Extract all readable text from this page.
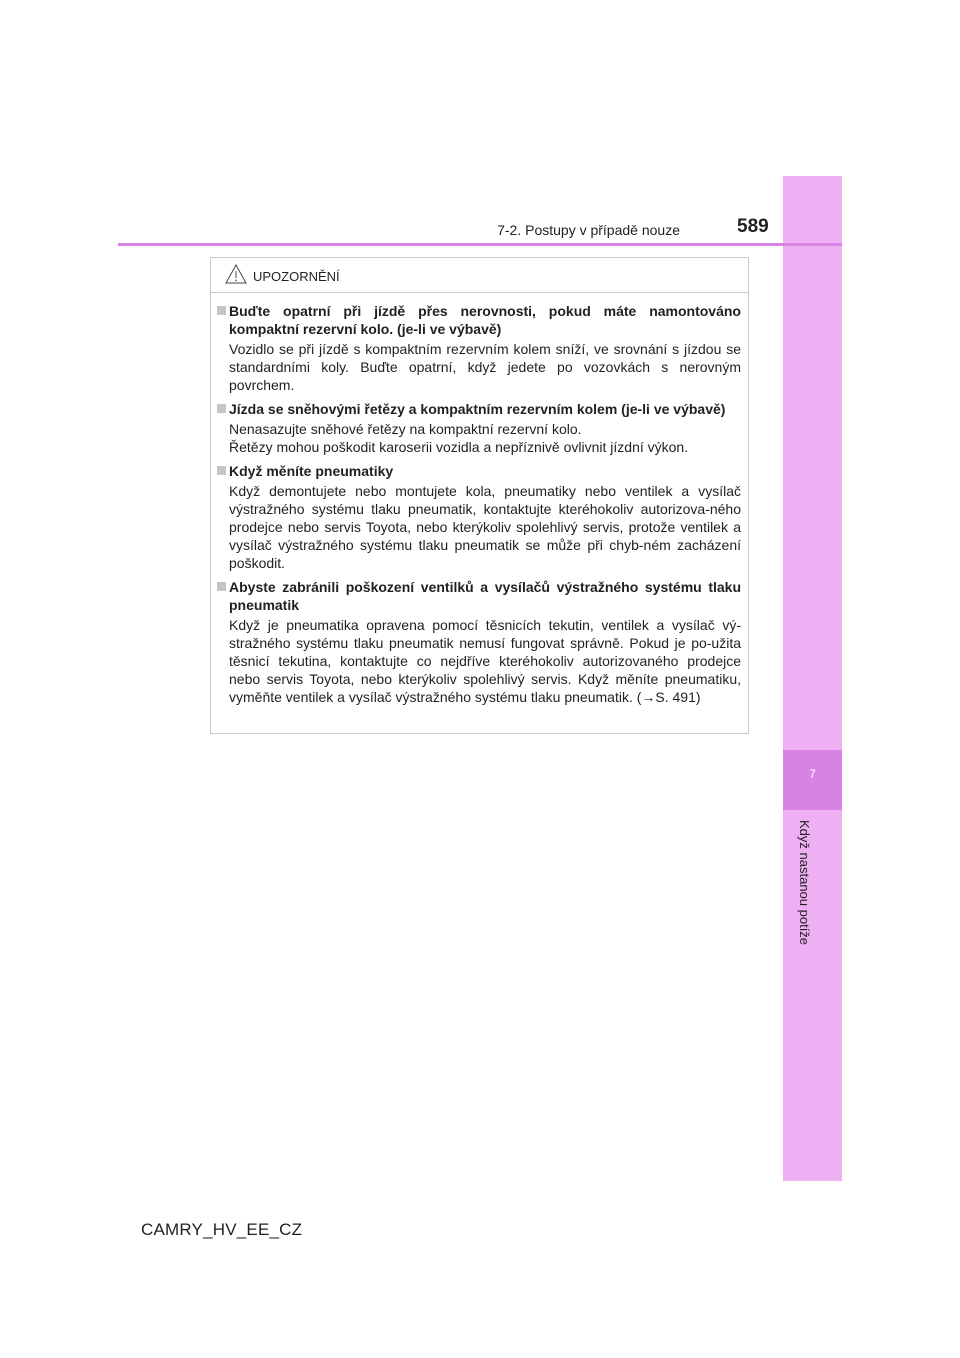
7
Když nastanou potíže
7-2. Postupy v případě nouze	589
UPOZORNĚNÍ
Buďte opatrní při jízdě přes nerovnosti, pokud máte namontováno kompaktní rezervní kolo. (je-li ve výbavě)

Vozidlo se při jízdě s kompaktním rezervním kolem sníží, ve srovnání s jízdou se standardními koly. Buďte opatrní, když jedete po vozovkách s nerovným povrchem.

Jízda se sněhovými řetězy a kompaktním rezervním kolem (je-li ve výbavě)

Nenasazujte sněhové řetězy na kompaktní rezervní kolo.

Řetězy mohou poškodit karoserii vozidla a nepříznivě ovlivnit jízdní výkon.

Když měníte pneumatiky

Když demontujete nebo montujete kola, pneumatiky nebo ventilek a vysílač výstražného systému tlaku pneumatik, kontaktujte kteréhokoliv autorizova-ného prodejce nebo servis Toyota, nebo kterýkoliv spolehlivý servis, protože ventilek a vysílač výstražného systému tlaku pneumatik se může při chyb-ném zacházení poškodit.

Abyste zabránili poškození ventilků a vysílačů výstražného systému tlaku pneumatik

Když je pneumatika opravena pomocí těsnicích tekutin, ventilek a vysílač vý-stražného systému tlaku pneumatik nemusí fungovat správně. Pokud je po-užita těsnicí tekutina, kontaktujte co nejdříve kteréhokoliv autorizovaného prodejce nebo servis Toyota, nebo kterýkoliv spolehlivý servis. Když měníte pneumatiku, vyměňte ventilek a vysílač výstražného systému tlaku pneumatik. (→S. 491)

CAMRY_HV_EE_CZ
